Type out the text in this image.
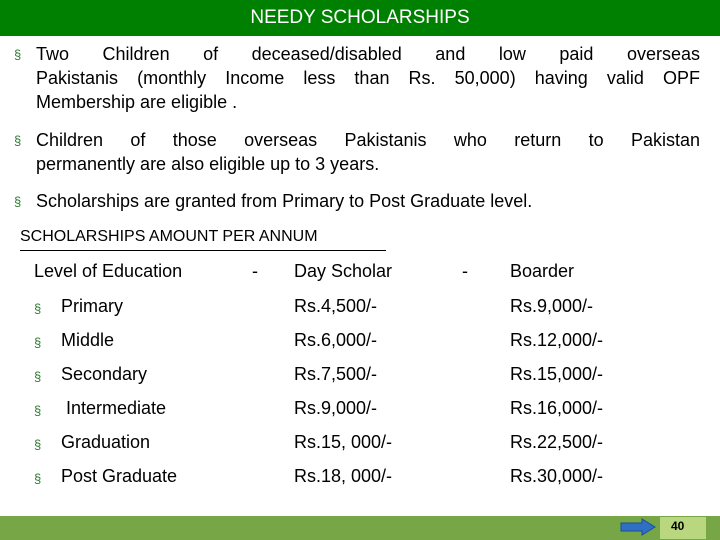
NEEDY SCHOLARSHIPS
§ Two Children of deceased/disabled and low paid overseas
Pakistanis (monthly Income less than Rs. 50,000) having valid OPF
Membership are eligible .
§ Children of those overseas Pakistanis who return to Pakistan
permanently are also eligible up to 3 years.
§ Scholarships are granted from Primary to Post Graduate level.
SCHOLARSHIPS AMOUNT PER ANNUM
Level of Education	- Day Scholar	- Boarder
§ Primary	Rs.4,500/-	Rs.9,000/-
§ Middle	Rs.6,000/-	Rs.12,000/-
§ Secondary	Rs.7,500/-	Rs.15,000/-
§ Intermediate	Rs.9,000/-	Rs.16,000/-
§ Graduation	Rs.15, 000/-	Rs.22,500/-
§ Post Graduate	Rs.18, 000/-	Rs.30,000/-
40
